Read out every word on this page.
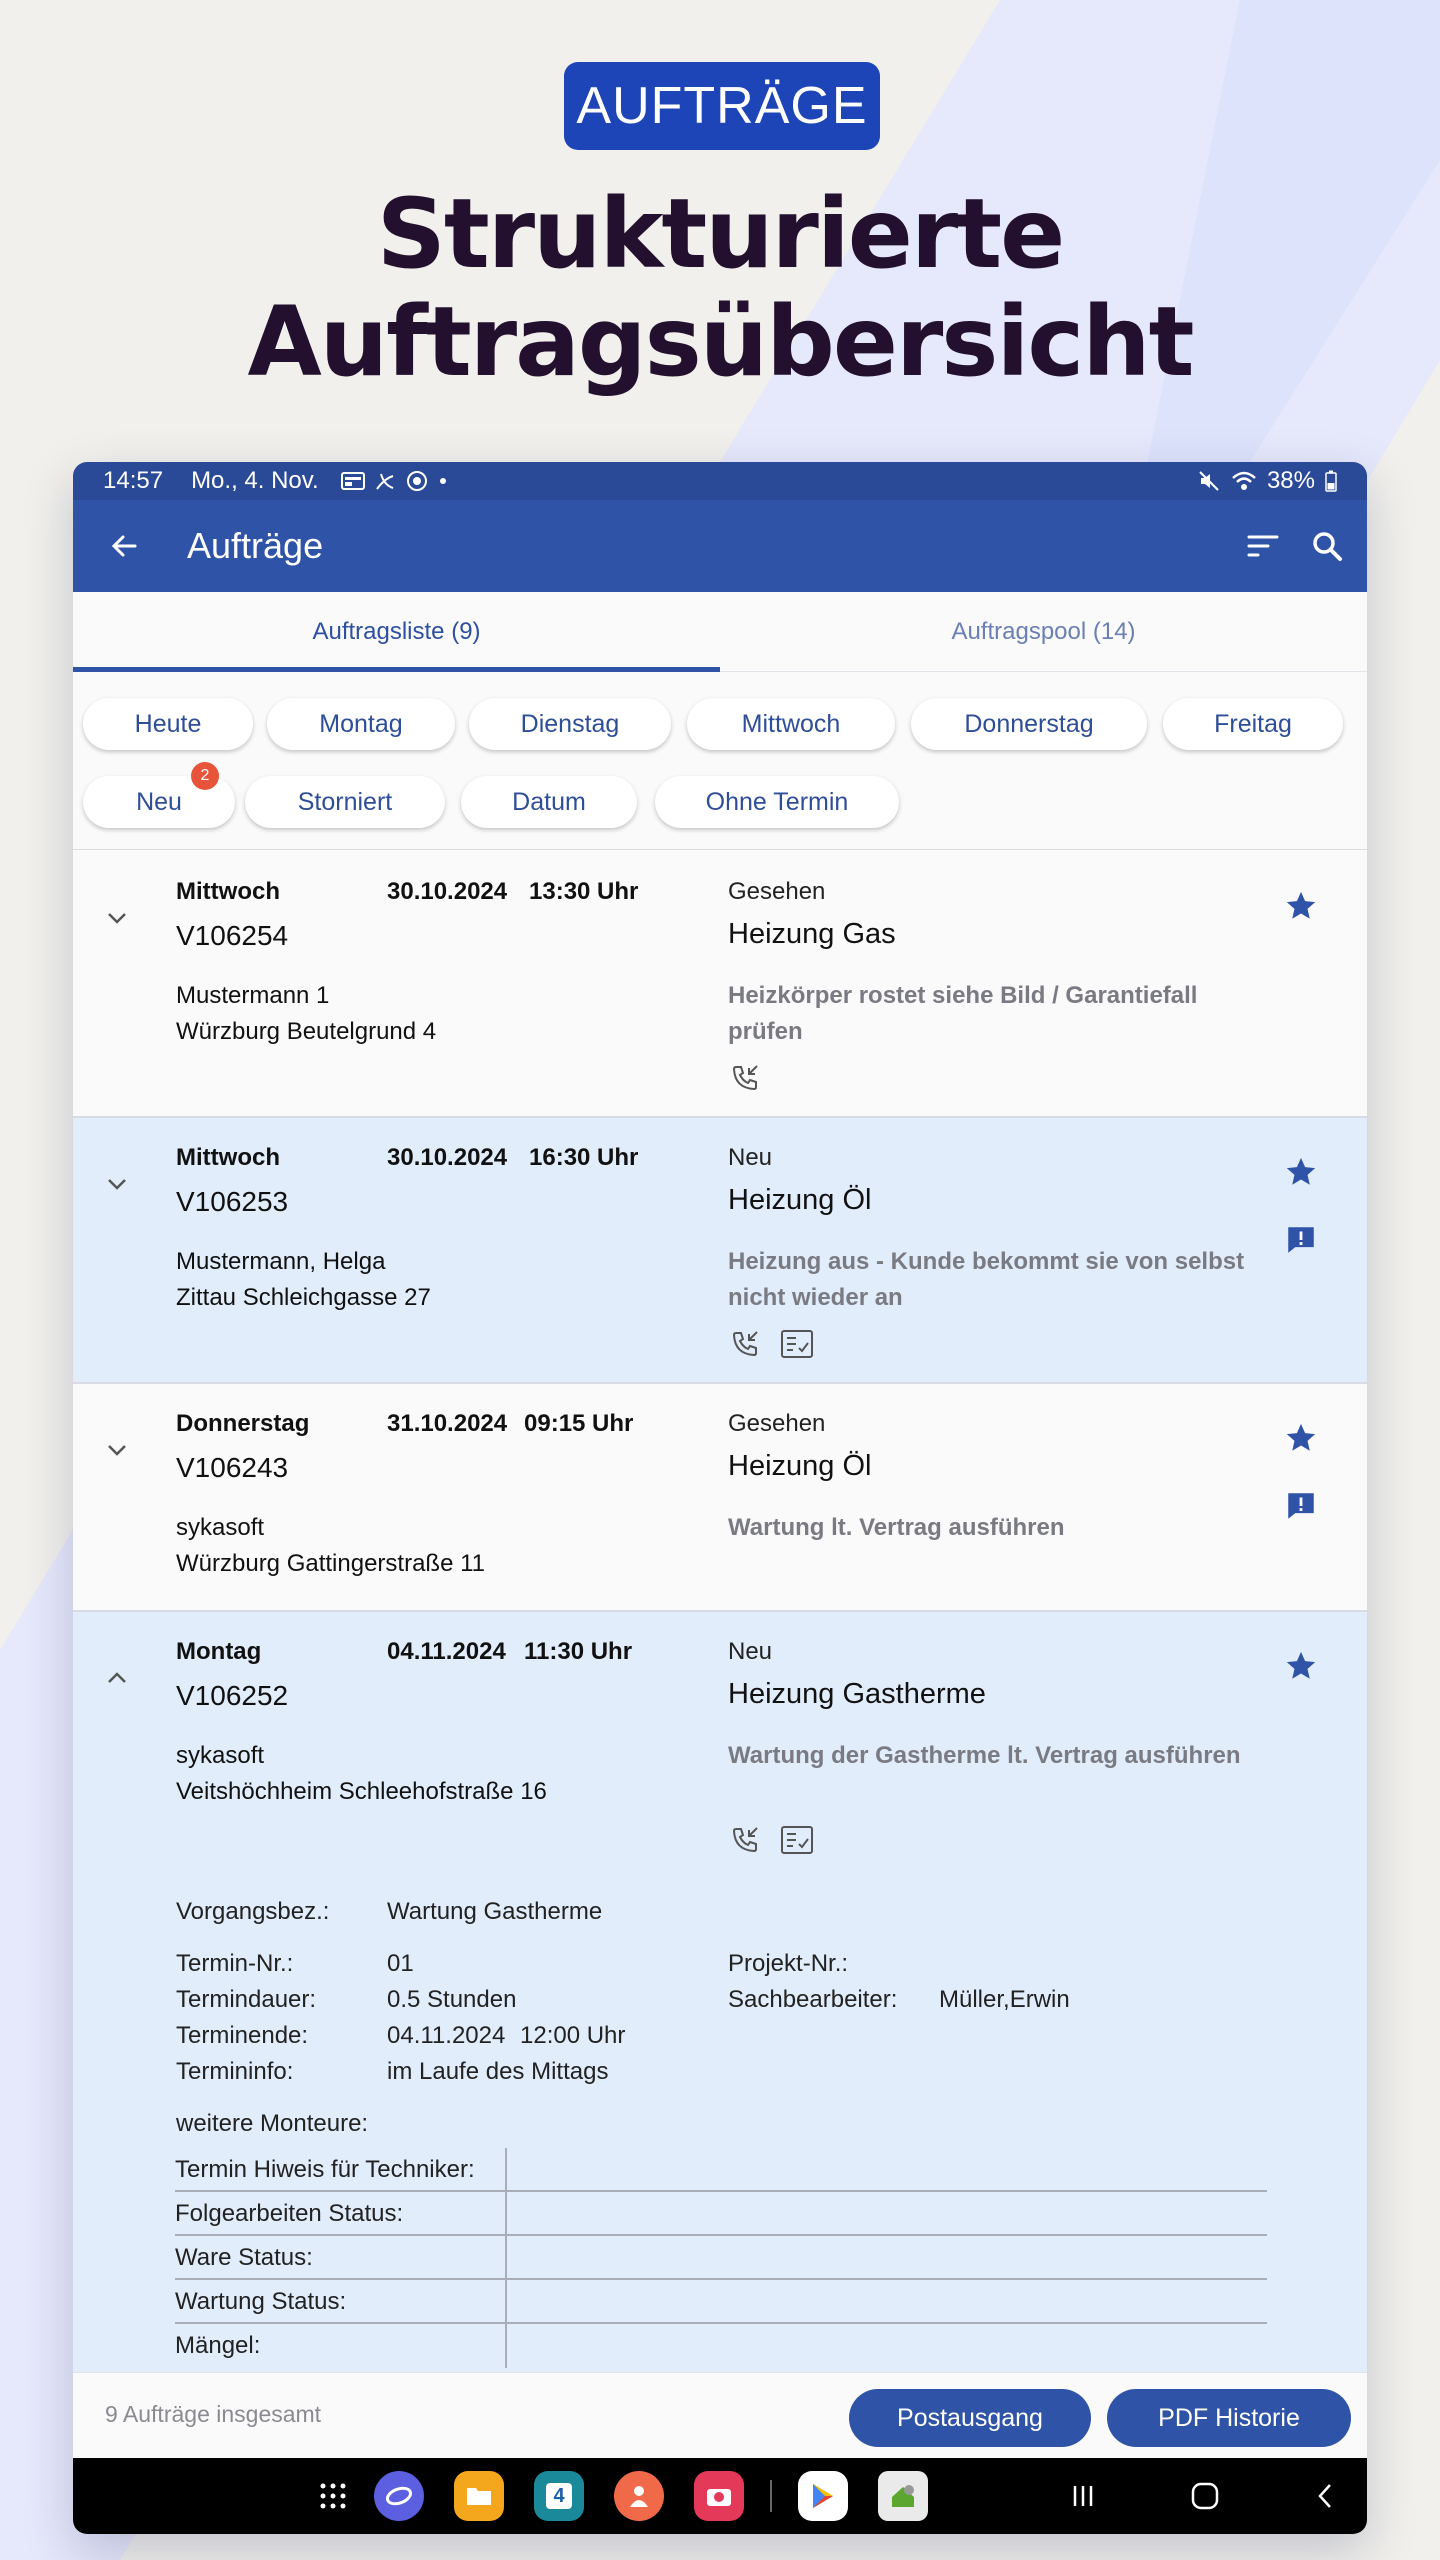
AUFTRÄGE
Strukturierte
Auftragsübersicht
14:57 Mo., 4. Nov.	38%
Aufträge
Auftragsliste (9)	Auftragspool (14)
Heute	Montag	Dienstag	Mittwoch	Donnerstag	Freitag
Neu
2
Storniert	Datum	Ohne Termin
Mittwoch	30.10.2024 13:30 Uhr
V106254
Mustermann 1
Würzburg Beutelgrund 4
Gesehen
Heizung Gas
Heizkörper rostet siehe Bild / Garantiefall
prüfen
Mittwoch	30.10.2024 16:30 Uhr
V106253
Mustermann, Helga
Zittau Schleichgasse 27
Neu
Heizung Öl
Heizung aus - Kunde bekommt sie von selbst
nicht wieder an
Donnerstag	31.10.2024 09:15 Uhr
V106243
sykasoft
Würzburg Gattingerstraße 11
Gesehen
Heizung Öl
Wartung lt. Vertrag ausführen
Montag	04.11.2024 11:30 Uhr
V106252
sykasoft
Veitshöchheim Schleehofstraße 16
Neu
Heizung Gastherme
Wartung der Gastherme lt. Vertrag ausführen
Vorgangsbez.: Wartung Gastherme
Termin-Nr.:	01
Termindauer:	0.5 Stunden
Terminende:	04.11.2024 12:00 Uhr
Termininfo:	im Laufe des Mittags
Projekt-Nr.:
Sachbearbeiter: Müller,Erwin
weitere Monteure:
Termin Hiweis für Techniker:
Folgearbeiten Status:
Ware Status:
Wartung Status:
Mängel:
9 Aufträge insgesamt	Postausgang	PDF Historie
4
